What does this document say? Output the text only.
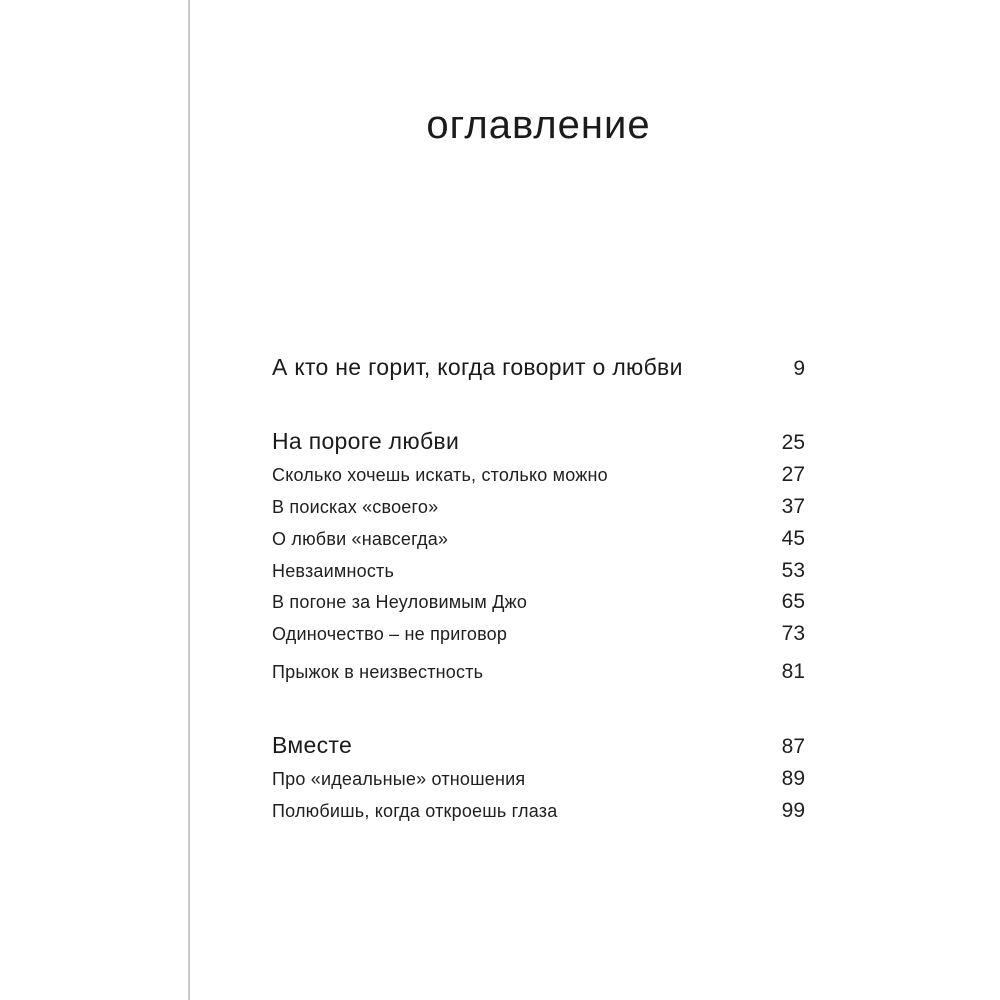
оглавление
А кто не горит, когда говорит о любви	9
На пороге любви	25
Сколько хочешь искать, столько можно	27
В поисках «своего»	37
О любви «навсегда»	45
Невзаимность	53
В погоне за Неуловимым Джо	65
Одиночество – не приговор	73
Прыжок в неизвестность	81
Вместе	87
Про «идеальные» отношения	89
Полюбишь, когда откроешь глаза	99
